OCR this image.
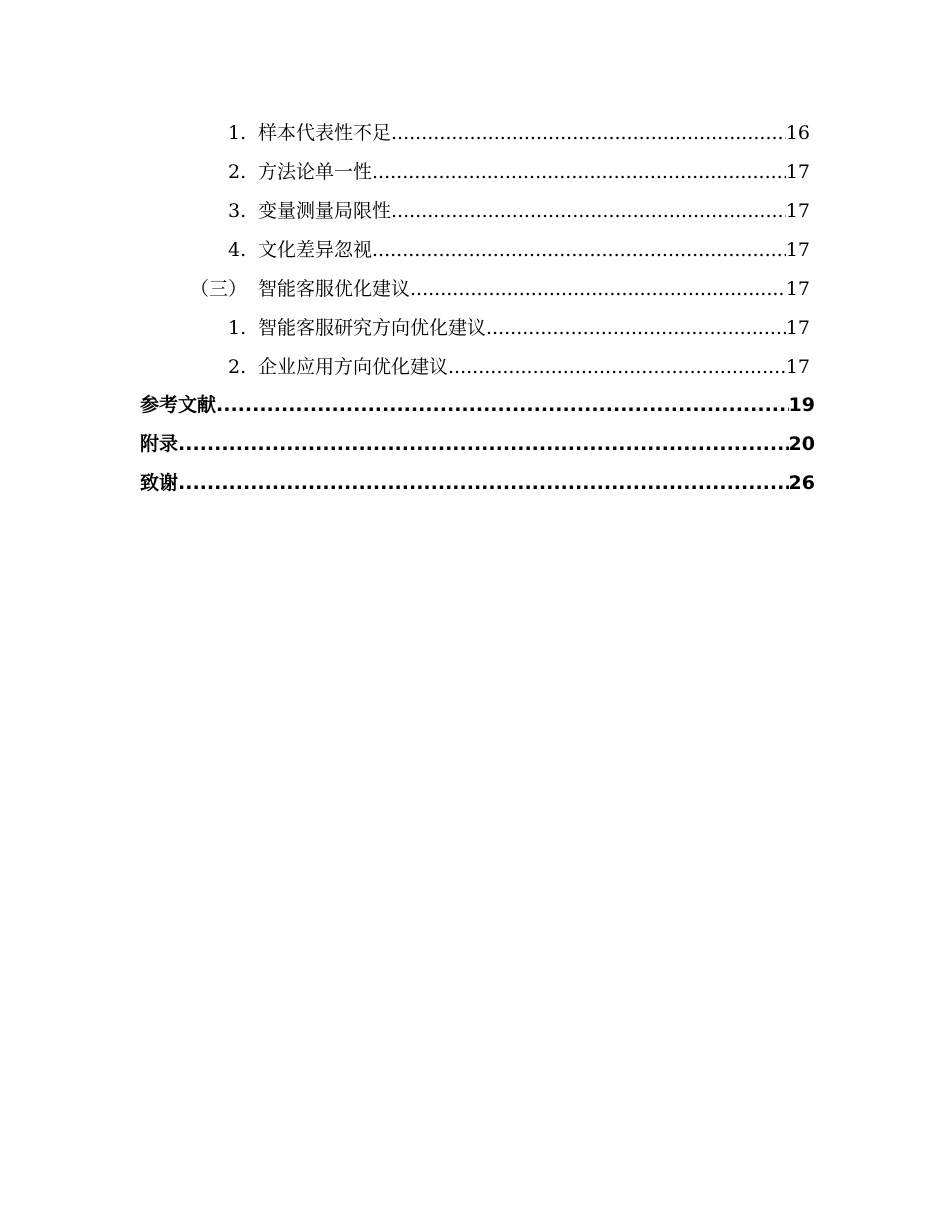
1. 样本代表性不足 .....	16
2. 方法论单一性 .....	17
3. 变量测量局限性 .....	17
4. 文化差异忽视 .....	17
（三） 智能客服优化建议 .....	17
1. 智能客服研究方向优化建议 .....	17
2. 企业应用方向优化建议 .....	17
参考文献 .....	19
附录 .....	20
致谢 .....	26
